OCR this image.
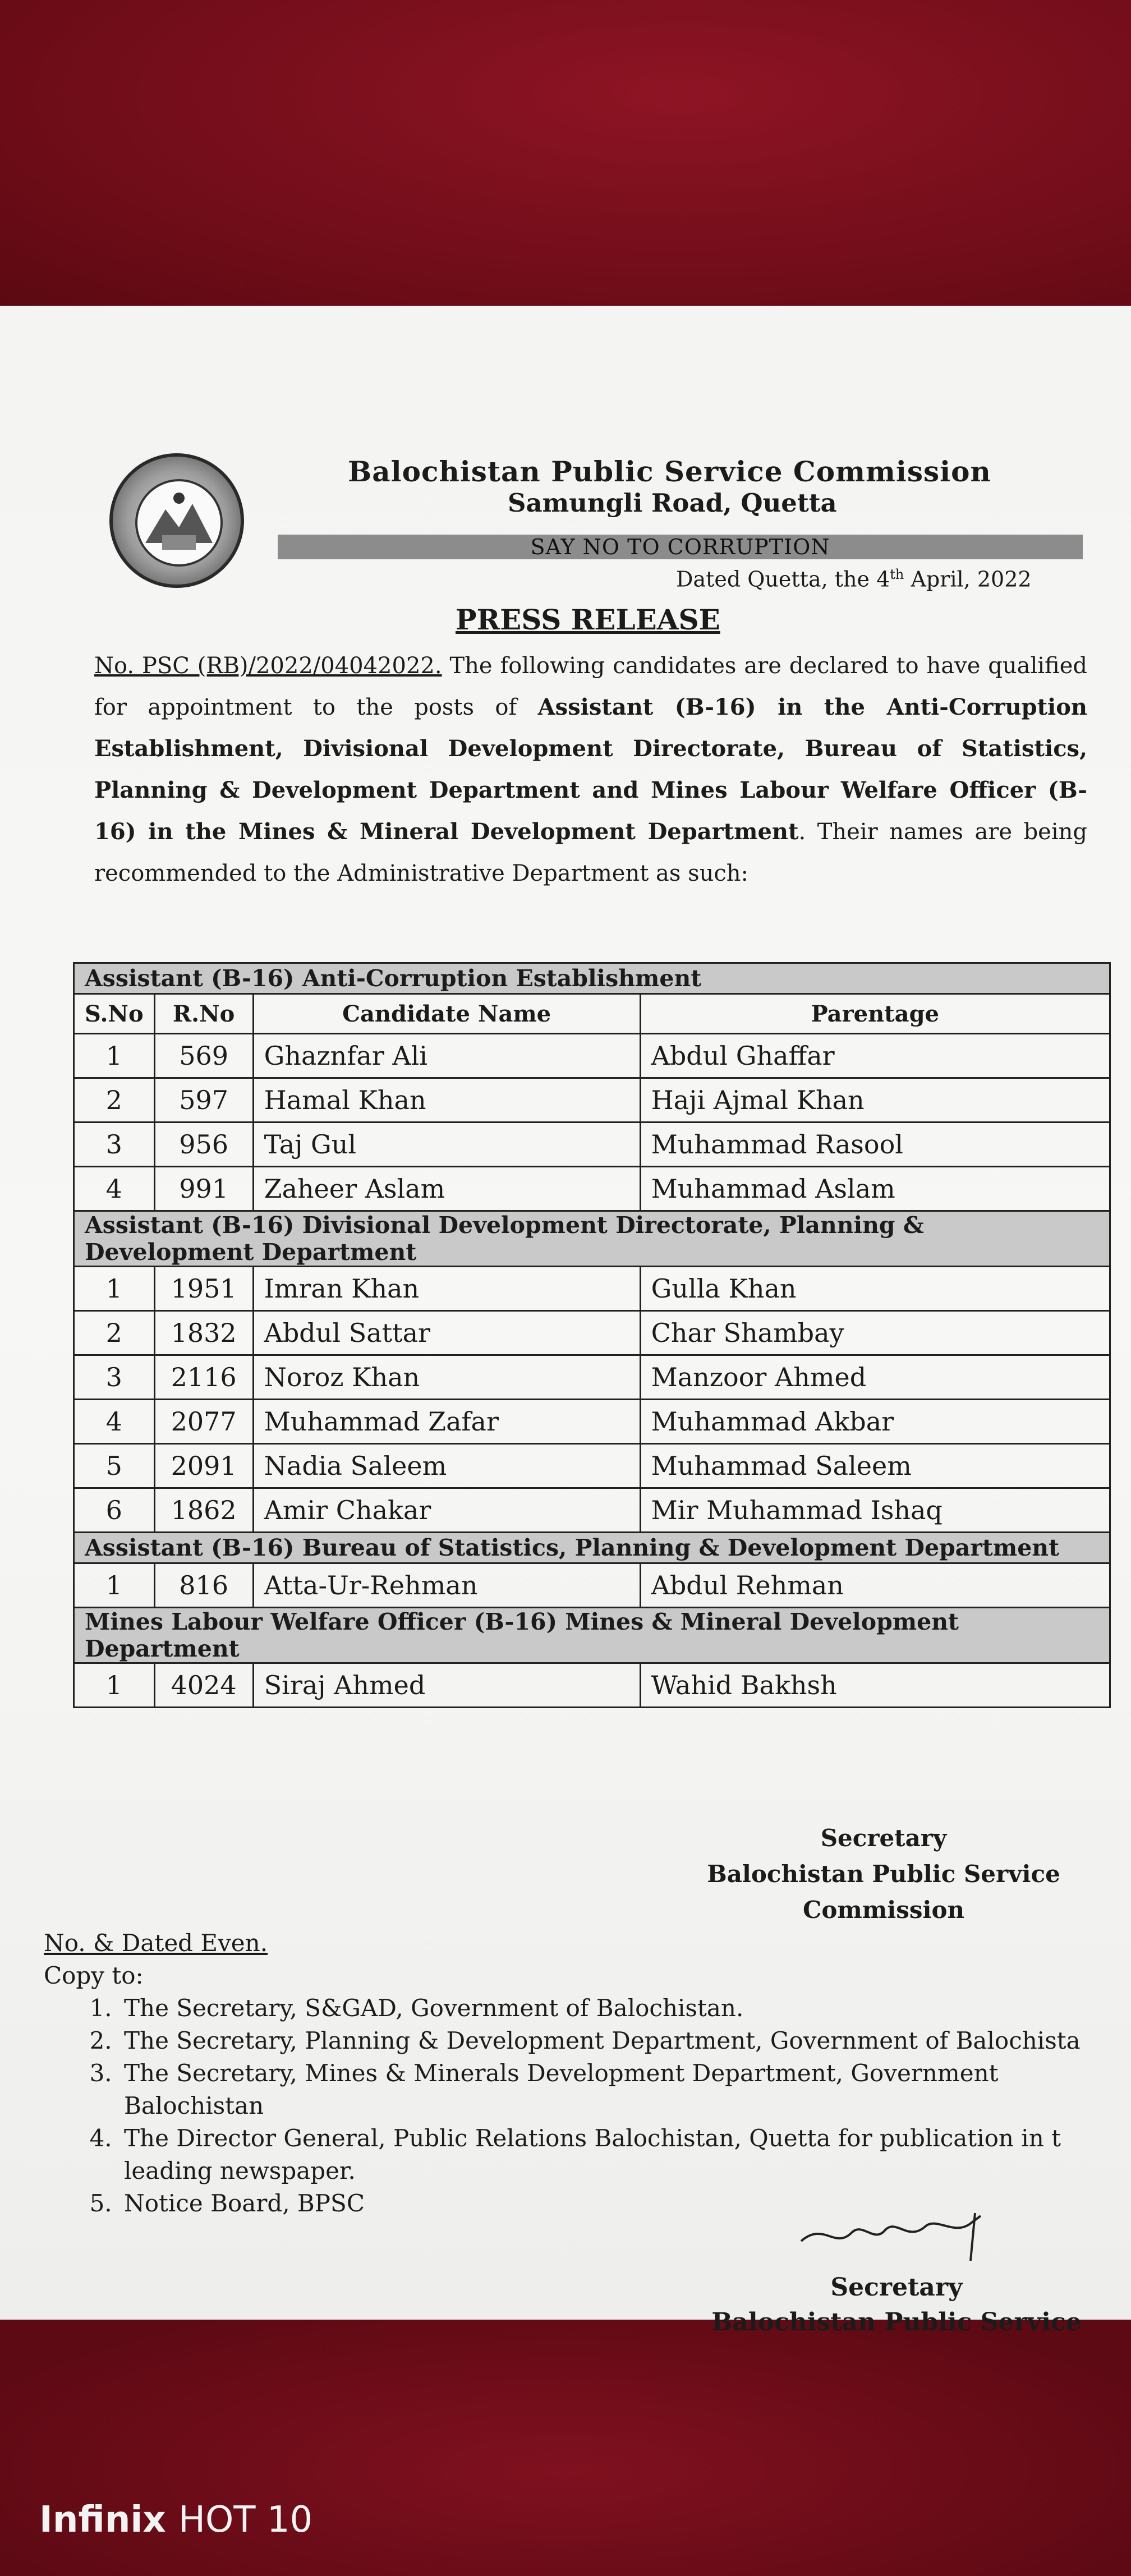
Balochistan Public Service Commission
Samungli Road, Quetta
SAY NO TO CORRUPTION
Dated Quetta, the 4th April, 2022
PRESS RELEASE
No. PSC (RB)/2022/04042022. The following candidates are declared to have qualified for appointment to the posts of Assistant (B-16) in the Anti-Corruption Establishment, Divisional Development Directorate, Bureau of Statistics, Planning & Development Department and Mines Labour Welfare Officer (B-16) in the Mines & Mineral Development Department. Their names are being recommended to the Administrative Department as such:
Assistant (B-16) Anti-Corruption Establishment			
S.No	R.No	Candidate Name	Parentage
1	569	Ghaznfar Ali	Abdul Ghaffar
2	597	Hamal Khan	Haji Ajmal Khan
3	956	Taj Gul	Muhammad Rasool
4	991	Zaheer Aslam	Muhammad Aslam
Assistant (B-16) Divisional Development Directorate, Planning & Development Department			
1	1951	Imran Khan	Gulla Khan
2	1832	Abdul Sattar	Char Shambay
3	2116	Noroz Khan	Manzoor Ahmed
4	2077	Muhammad Zafar	Muhammad Akbar
5	2091	Nadia Saleem	Muhammad Saleem
6	1862	Amir Chakar	Mir Muhammad Ishaq
Assistant (B-16) Bureau of Statistics, Planning & Development Department			
1	816	Atta-Ur-Rehman	Abdul Rehman
Mines Labour Welfare Officer (B-16) Mines & Mineral Development Department			
1	4024	Siraj Ahmed	Wahid Bakhsh
Secretary
Balochistan Public Service
Commission
No. & Dated Even.
Copy to:
1. The Secretary, S&GAD, Government of Balochistan.
2. The Secretary, Planning & Development Department, Government of Balochista
3. The Secretary, Mines & Minerals Development Department, Government Balochistan
4. The Director General, Public Relations Balochistan, Quetta for publication in t leading newspaper.
5. Notice Board, BPSC
Secretary
Balochistan Public Service
Infinix HOT 10
